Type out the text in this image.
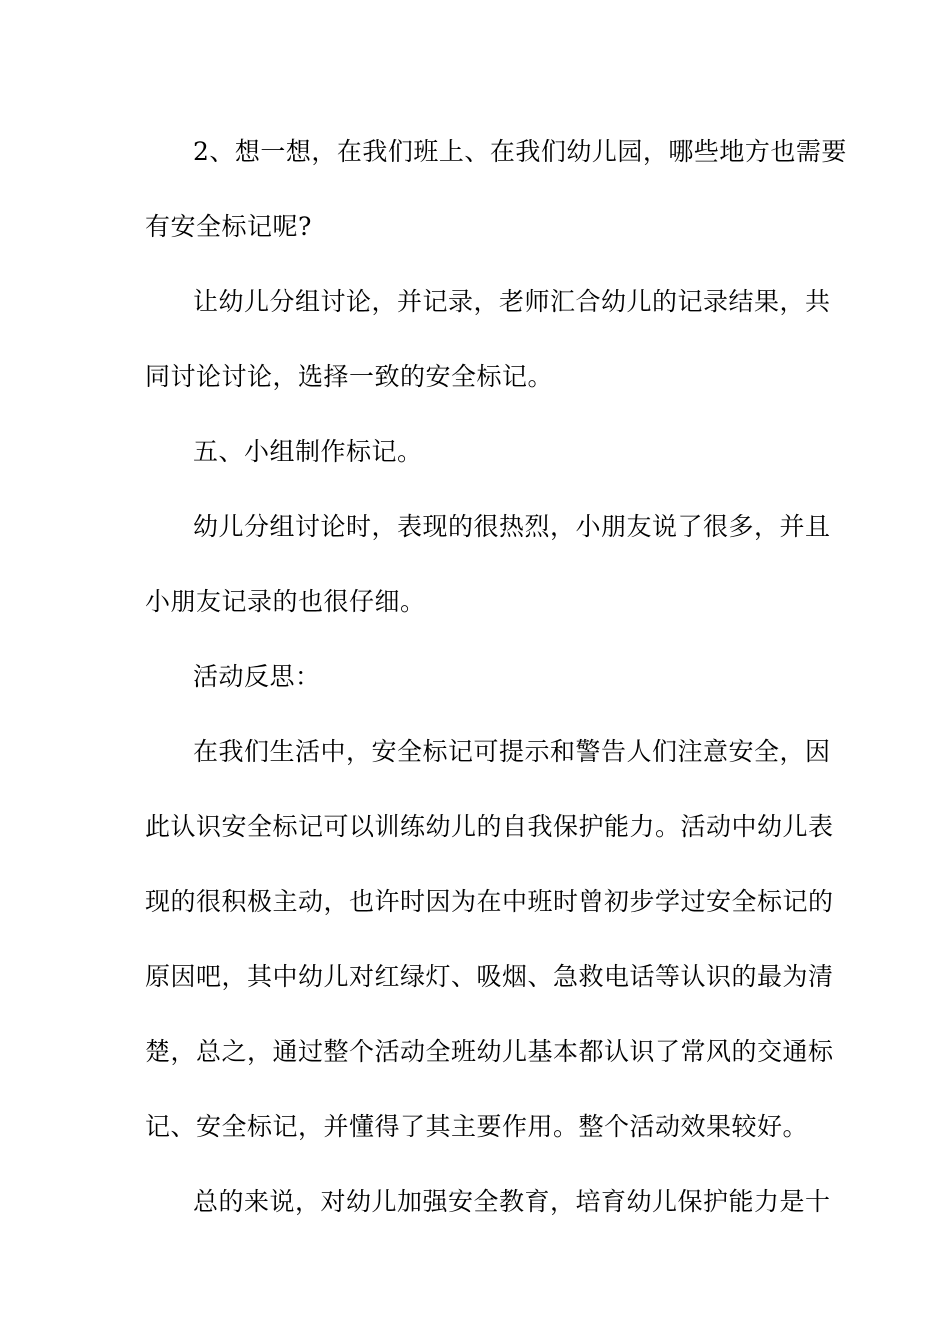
2、想一想，在我们班上、在我们幼儿园，哪些地方也需要
有安全标记呢?
让幼儿分组讨论，并记录，老师汇合幼儿的记录结果，共
同讨论讨论，选择一致的安全标记。
五、小组制作标记。
幼儿分组讨论时，表现的很热烈，小朋友说了很多，并且
小朋友记录的也很仔细。
活动反思：
在我们生活中，安全标记可提示和警告人们注意安全，因
此认识安全标记可以训练幼儿的自我保护能力。活动中幼儿表
现的很积极主动，也许时因为在中班时曾初步学过安全标记的
原因吧，其中幼儿对红绿灯、吸烟、急救电话等认识的最为清
楚，总之，通过整个活动全班幼儿基本都认识了常风的交通标
记、安全标记，并懂得了其主要作用。整个活动效果较好。
总的来说，对幼儿加强安全教育，培育幼儿保护能力是十
